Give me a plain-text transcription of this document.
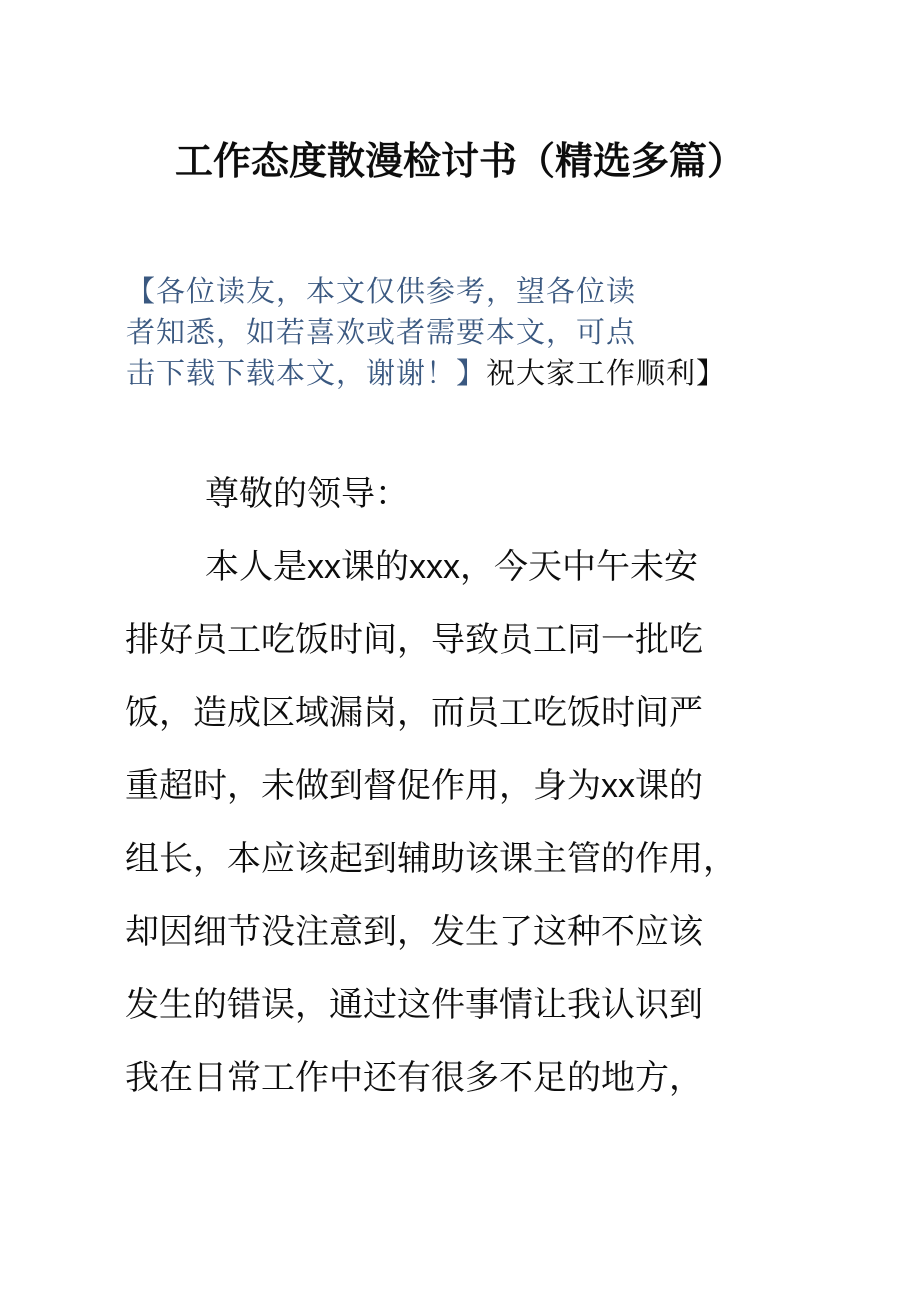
工作态度散漫检讨书（精选多篇）
【各位读友，本文仅供参考，望各位读
者知悉，如若喜欢或者需要本文，可点
击下载下载本文，谢谢！】祝大家工作顺利】
尊敬的领导：
本人是xx课的xxx，今天中午未安
排好员工吃饭时间，导致员工同一批吃
饭，造成区域漏岗，而员工吃饭时间严
重超时，未做到督促作用，身为xx课的
组长，本应该起到辅助该课主管的作用，
却因细节没注意到，发生了这种不应该
发生的错误，通过这件事情让我认识到
我在日常工作中还有很多不足的地方，
